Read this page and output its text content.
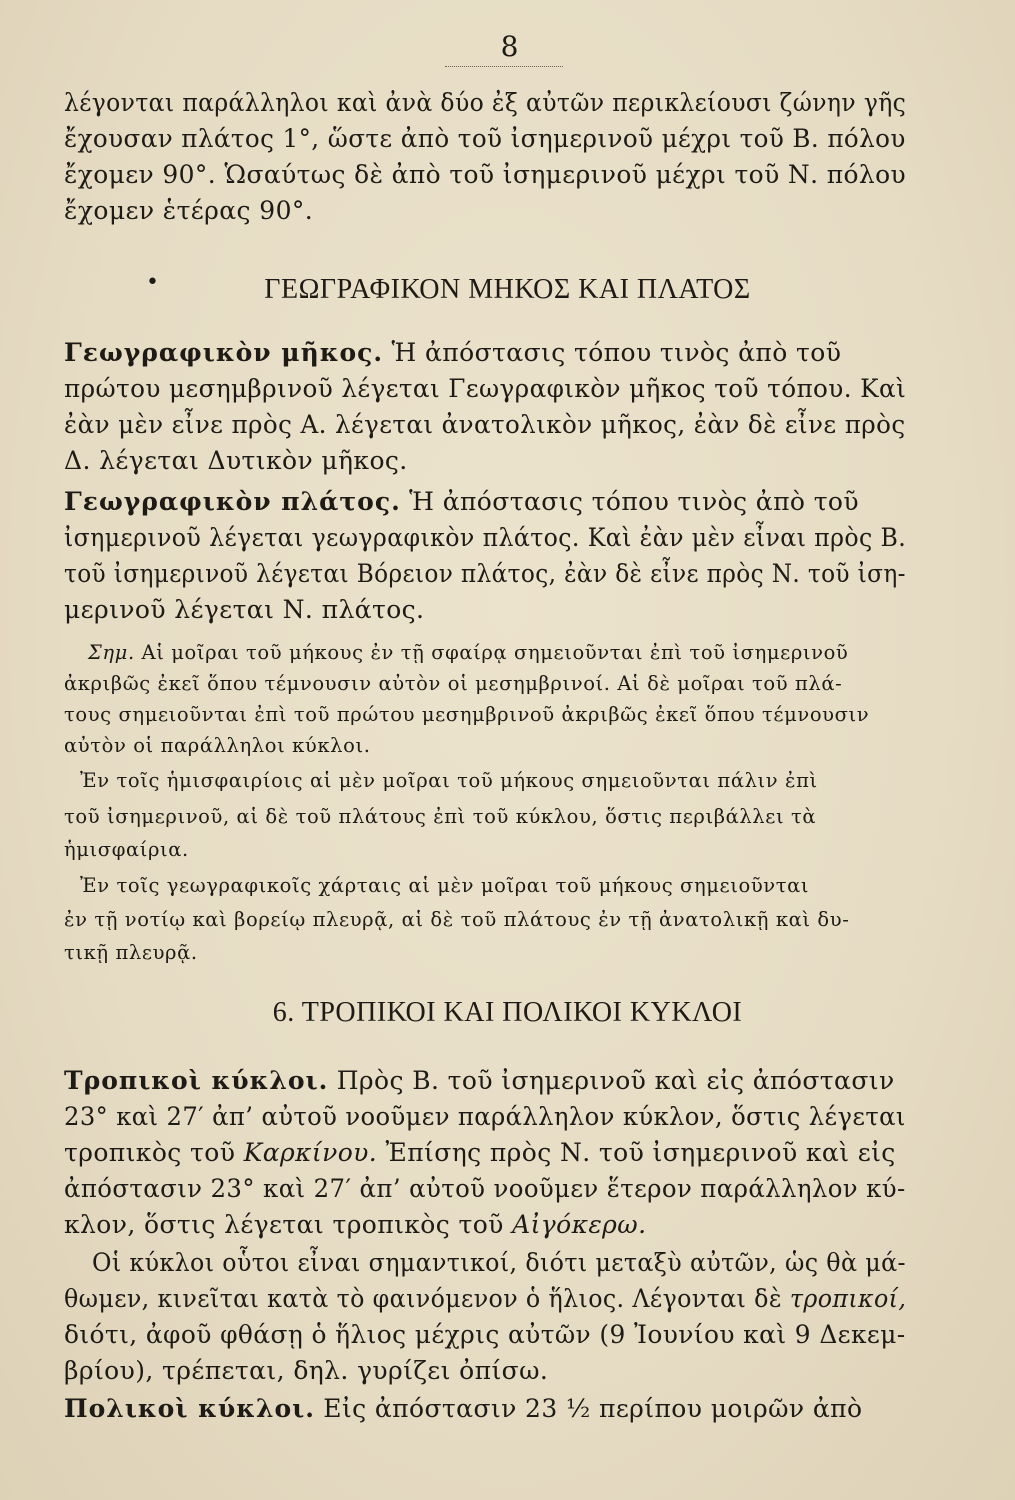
8

λέγονται παράλληλοι καὶ ἀνὰ δύο ἐξ αὐτῶν περικλείουσι ζώνην γῆς

ἔχουσαν πλάτος 1°, ὥστε ἀπὸ τοῦ ἰσημερινοῦ μέχρι τοῦ Β. πόλου

ἔχομεν 90°. Ὡσαύτως δὲ ἀπὸ τοῦ ἰσημερινοῦ μέχρι τοῦ Ν. πόλου

ἔχομεν ἑτέρας 90°.

•	ΓΕΩΓΡΑΦΙΚΟΝ ΜΗΚΟΣ ΚΑΙ ΠΛΑΤΟΣ

Γεωγραφικὸν μῆκος. Ἡ ἀπόστασις τόπου τινὸς ἀπὸ τοῦ

πρώτου μεσημβρινοῦ λέγεται Γεωγραφικὸν μῆκος τοῦ τόπου. Καὶ

ἐὰν μὲν εἶνε πρὸς Α. λέγεται ἀνατολικὸν μῆκος, ἐὰν δὲ εἶνε πρὸς

Δ. λέγεται Δυτικὸν μῆκος.

Γεωγραφικὸν πλάτος. Ἡ ἀπόστασις τόπου τινὸς ἀπὸ τοῦ

ἰσημερινοῦ λέγεται γεωγραφικὸν πλάτος. Καὶ ἐὰν μὲν εἶναι πρὸς Β.

τοῦ ἰσημερινοῦ λέγεται Βόρειον πλάτος, ἐὰν δὲ εἶνε πρὸς Ν. τοῦ ἰση-

μερινοῦ λέγεται Ν. πλάτος.

Σημ. Αἱ μοῖραι τοῦ μήκους ἐν τῇ σφαίρᾳ σημειοῦνται ἐπὶ τοῦ ἰσημερινοῦ

ἀκριβῶς ἐκεῖ ὅπου τέμνουσιν αὐτὸν οἱ μεσημβρινοί. Αἱ δὲ μοῖραι τοῦ πλά-

τους σημειοῦνται ἐπὶ τοῦ πρώτου μεσημβρινοῦ ἀκριβῶς ἐκεῖ ὅπου τέμνουσιν

αὐτὸν οἱ παράλληλοι κύκλοι.

Ἐν τοῖς ἡμισφαιρίοις αἱ μὲν μοῖραι τοῦ μήκους σημειοῦνται πάλιν ἐπὶ

τοῦ ἰσημερινοῦ, αἱ δὲ τοῦ πλάτους ἐπὶ τοῦ κύκλου, ὅστις περιβάλλει τὰ

ἡμισφαίρια.

Ἐν τοῖς γεωγραφικοῖς χάρταις αἱ μὲν μοῖραι τοῦ μήκους σημειοῦνται

ἐν τῇ νοτίῳ καὶ βορείῳ πλευρᾷ, αἱ δὲ τοῦ πλάτους ἐν τῇ ἀνατολικῇ καὶ δυ-

τικῇ πλευρᾷ.

6. ΤΡΟΠΙΚΟΙ ΚΑΙ ΠΟΛΙΚΟΙ ΚΥΚΛΟΙ

Τροπικοὶ κύκλοι. Πρὸς Β. τοῦ ἰσημερινοῦ καὶ εἰς ἀπόστασιν

23° καὶ 27′ ἀπ’ αὐτοῦ νοοῦμεν παράλληλον κύκλον, ὅστις λέγεται

τροπικὸς τοῦ Καρκίνου. Ἐπίσης πρὸς Ν. τοῦ ἰσημερινοῦ καὶ εἰς

ἀπόστασιν 23° καὶ 27′ ἀπ’ αὐτοῦ νοοῦμεν ἕτερον παράλληλον κύ-

κλον, ὅστις λέγεται τροπικὸς τοῦ Αἰγόκερω.

Οἱ κύκλοι οὗτοι εἶναι σημαντικοί, διότι μεταξὺ αὐτῶν, ὡς θὰ μά-

θωμεν, κινεῖται κατὰ τὸ φαινόμενον ὁ ἥλιος. Λέγονται δὲ τροπικοί,

διότι, ἀφοῦ φθάσῃ ὁ ἥλιος μέχρις αὐτῶν (9 Ἰουνίου καὶ 9 Δεκεμ-

βρίου), τρέπεται, δηλ. γυρίζει ὀπίσω.

Πολικοὶ κύκλοι. Εἰς ἀπόστασιν 23 ½ περίπου μοιρῶν ἀπὸ
